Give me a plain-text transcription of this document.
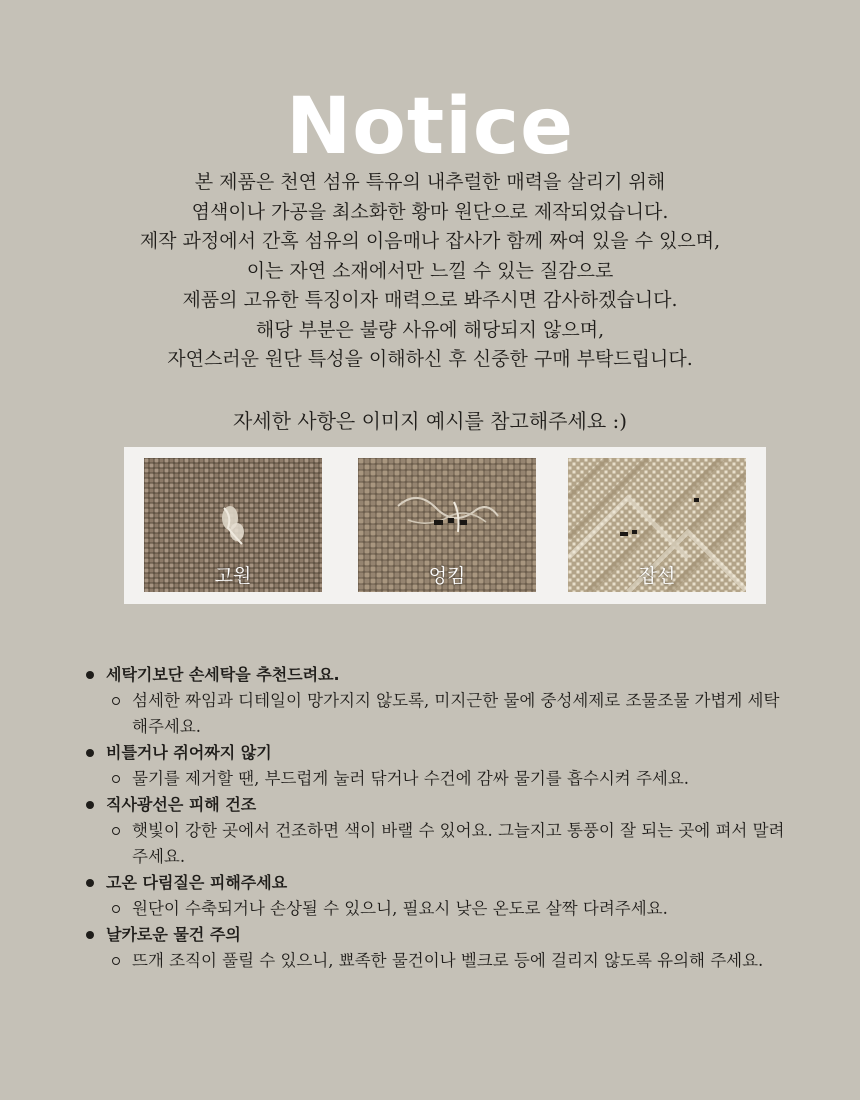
Notice

본 제품은 천연 섬유 특유의 내추럴한 매력을 살리기 위해

염색이나 가공을 최소화한 황마 원단으로 제작되었습니다.

제작 과정에서 간혹 섬유의 이음매나 잡사가 함께 짜여 있을 수 있으며,

이는 자연 소재에서만 느낄 수 있는 질감으로

제품의 고유한 특징이자 매력으로 봐주시면 감사하겠습니다.

해당 부분은 불량 사유에 해당되지 않으며,

자연스러운 원단 특성을 이해하신 후 신중한 구매 부탁드립니다.

자세한 사항은 이미지 예시를 참고해주세요 :)
고원	엉킴	잡선
세탁기보단 손세탁을 추천드려요.
섬세한 짜임과 디테일이 망가지지 않도록, 미지근한 물에 중성세제로 조물조물 가볍게 세탁해주세요.
비틀거나 쥐어짜지 않기
물기를 제거할 땐, 부드럽게 눌러 닦거나 수건에 감싸 물기를 흡수시켜 주세요.
직사광선은 피해 건조
햇빛이 강한 곳에서 건조하면 색이 바랠 수 있어요. 그늘지고 통풍이 잘 되는 곳에 펴서 말려주세요.
고온 다림질은 피해주세요
원단이 수축되거나 손상될 수 있으니, 필요시 낮은 온도로 살짝 다려주세요.
날카로운 물건 주의
뜨개 조직이 풀릴 수 있으니, 뾰족한 물건이나 벨크로 등에 걸리지 않도록 유의해 주세요.
